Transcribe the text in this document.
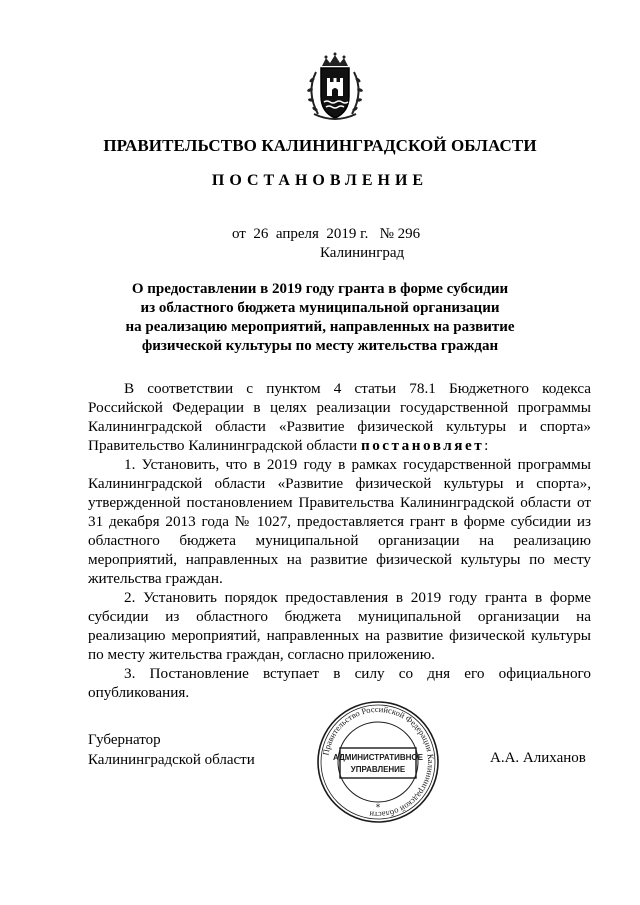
ПРАВИТЕЛЬСТВО КАЛИНИНГРАДСКОЙ ОБЛАСТИ
ПОСТАНОВЛЕНИЕ
от 26 апреля 2019 г. № 296
Калининград
О предоставлении в 2019 году гранта в форме субсидии
из областного бюджета муниципальной организации
на реализацию мероприятий, направленных на развитие
физической культуры по месту жительства граждан

В соответствии с пунктом 4 статьи 78.1 Бюджетного кодекса Российской Федерации в целях реализации государственной программы Калининградской области «Развитие физической культуры и спорта» Правительство Калининградской области постановляет:

1. Установить, что в 2019 году в рамках государственной программы Калининградской области «Развитие физической культуры и спорта», утвержденной постановлением Правительства Калининградской области от 31 декабря 2013 года № 1027, предоставляется грант в форме субсидии из областного бюджета муниципальной организации на реализацию мероприятий, направленных на развитие физической культуры по месту жительства граждан.

2. Установить порядок предоставления в 2019 году гранта в форме субсидии из областного бюджета муниципальной организации на реализацию мероприятий, направленных на развитие физической культуры по месту жительства граждан, согласно приложению.

3. Постановление вступает в силу со дня его официального опубликования.

Губернатор
Калининградской области	А.А. Алиханов
Правительство Российской Федерации Калининградской области
АДМИНИСТРАТИВНОЕ
УПРАВЛЕНИЕ
*
